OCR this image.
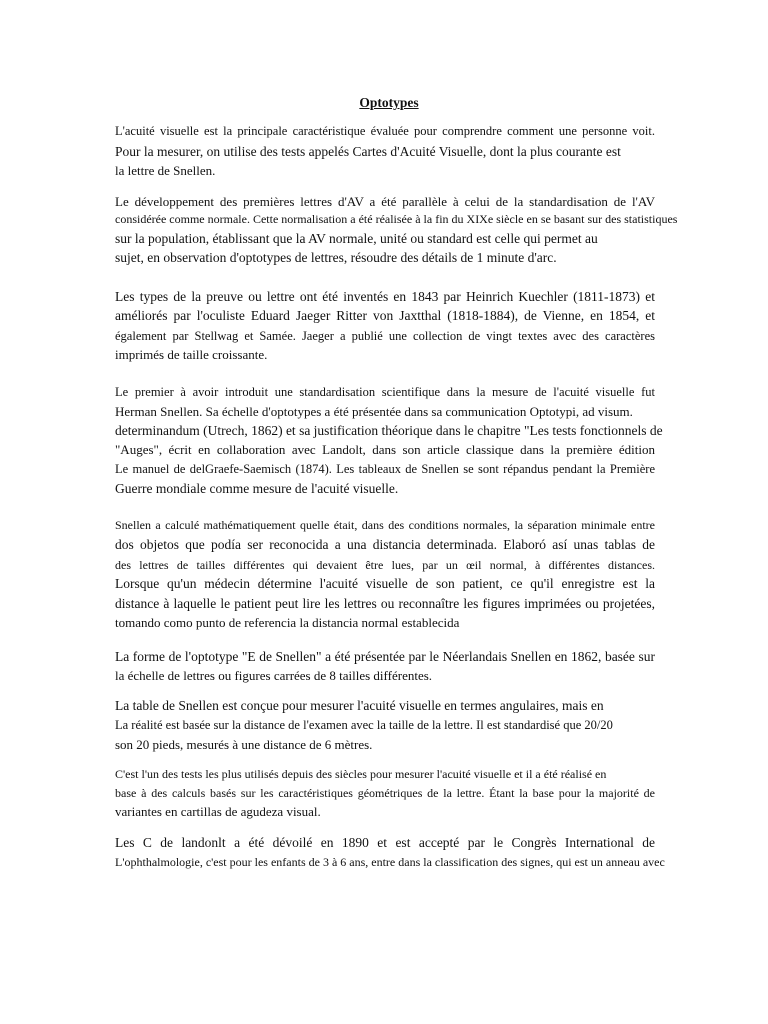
Optotypes
L'acuité visuelle est la principale caractéristique évaluée pour comprendre comment une personne voit.
Pour la mesurer, on utilise des tests appelés Cartes d'Acuité Visuelle, dont la plus courante est
la lettre de Snellen.
Le développement des premières lettres d'AV a été parallèle à celui de la standardisation de l'AV
considérée comme normale. Cette normalisation a été réalisée à la fin du XIXe siècle en se basant sur des statistiques
sur la population, établissant que la AV normale, unité ou standard est celle qui permet au
sujet, en observation d'optotypes de lettres, résoudre des détails de 1 minute d'arc.
Les types de la preuve ou lettre ont été inventés en 1843 par Heinrich Kuechler (1811-1873) et
améliorés par l'oculiste Eduard Jaeger Ritter von Jaxtthal (1818-1884), de Vienne, en 1854, et
également par Stellwag et Samée. Jaeger a publié une collection de vingt textes avec des caractères
imprimés de taille croissante.
Le premier à avoir introduit une standardisation scientifique dans la mesure de l'acuité visuelle fut
Herman Snellen. Sa échelle d'optotypes a été présentée dans sa communication Optotypi, ad visum.
determinandum (Utrech, 1862) et sa justification théorique dans le chapitre "Les tests fonctionnels de
"Auges", écrit en collaboration avec Landolt, dans son article classique dans la première édition
Le manuel de delGraefe-Saemisch (1874). Les tableaux de Snellen se sont répandus pendant la Première
Guerre mondiale comme mesure de l'acuité visuelle.
Snellen a calculé mathématiquement quelle était, dans des conditions normales, la séparation minimale entre
dos objetos que podía ser reconocida a una distancia determinada. Elaboró así unas tablas de
des lettres de tailles différentes qui devaient être lues, par un œil normal, à différentes distances.
Lorsque qu'un médecin détermine l'acuité visuelle de son patient, ce qu'il enregistre est la
distance à laquelle le patient peut lire les lettres ou reconnaître les figures imprimées ou projetées,
tomando como punto de referencia la distancia normal establecida
La forme de l'optotype "E de Snellen" a été présentée par le Néerlandais Snellen en 1862, basée sur
la échelle de lettres ou figures carrées de 8 tailles différentes.
La table de Snellen est conçue pour mesurer l'acuité visuelle en termes angulaires, mais en
La réalité est basée sur la distance de l'examen avec la taille de la lettre. Il est standardisé que 20/20
son 20 pieds, mesurés à une distance de 6 mètres.
C'est l'un des tests les plus utilisés depuis des siècles pour mesurer l'acuité visuelle et il a été réalisé en
base à des calculs basés sur les caractéristiques géométriques de la lettre. Étant la base pour la majorité de
variantes en cartillas de agudeza visual.
Les C de landonlt a été dévoilé en 1890 et est accepté par le Congrès International de
L'ophthalmologie, c'est pour les enfants de 3 à 6 ans, entre dans la classification des signes, qui est un anneau avec
